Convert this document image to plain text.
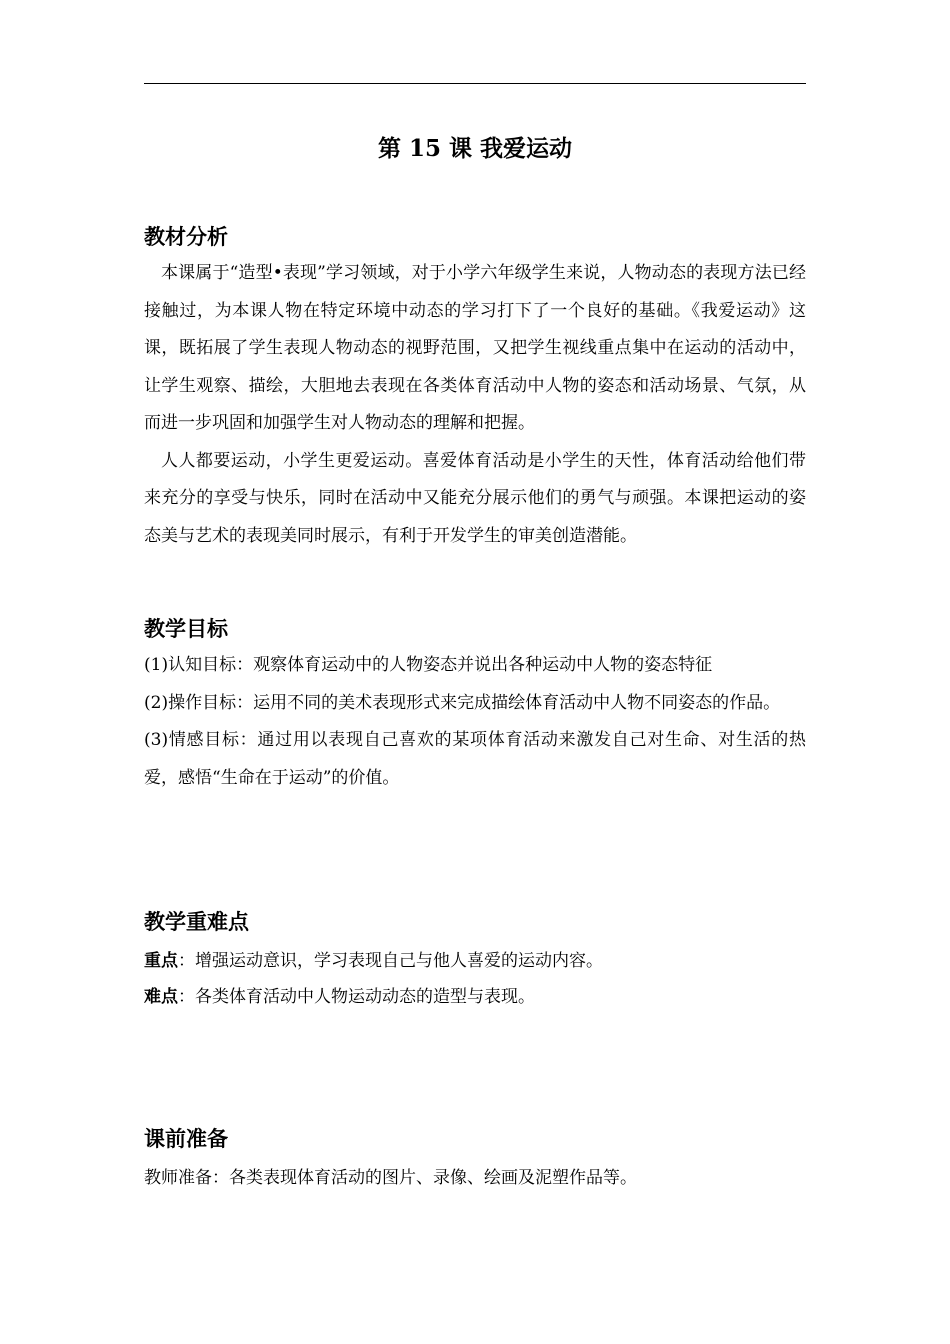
第 15 课 我爱运动
教材分析

本课属于“造型•表现”学习领域，对于小学六年级学生来说，人物动态的表现方法已经接触过，为本课人物在特定环境中动态的学习打下了一个良好的基础。《我爱运动》这课，既拓展了学生表现人物动态的视野范围，又把学生视线重点集中在运动的活动中，让学生观察、描绘，大胆地去表现在各类体育活动中人物的姿态和活动场景、气氛，从而进一步巩固和加强学生对人物动态的理解和把握。

人人都要运动，小学生更爱运动。喜爱体育活动是小学生的天性，体育活动给他们带来充分的享受与快乐，同时在活动中又能充分展示他们的勇气与顽强。本课把运动的姿态美与艺术的表现美同时展示，有利于开发学生的审美创造潜能。

教学目标

(1)认知目标：观察体育运动中的人物姿态并说出各种运动中人物的姿态特征

(2)操作目标：运用不同的美术表现形式来完成描绘体育活动中人物不同姿态的作品。

(3)情感目标：通过用以表现自己喜欢的某项体育活动来激发自己对生命、对生活的热爱，感悟“生命在于运动”的价值。

教学重难点

重点：增强运动意识，学习表现自己与他人喜爱的运动内容。

难点：各类体育活动中人物运动动态的造型与表现。

课前准备

教师准备：各类表现体育活动的图片、录像、绘画及泥塑作品等。
